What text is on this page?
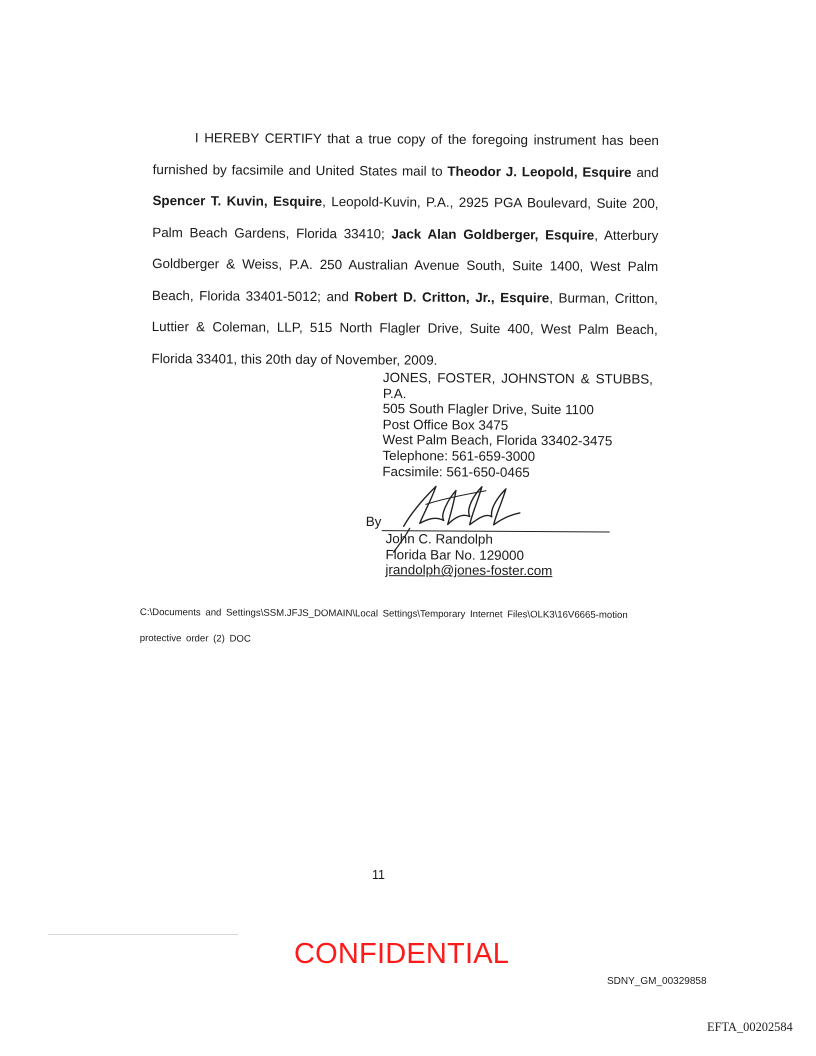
I HEREBY CERTIFY that a true copy of the foregoing instrument has been furnished by facsimile and United States mail to Theodor J. Leopold, Esquire and Spencer T. Kuvin, Esquire, Leopold-Kuvin, P.A., 2925 PGA Boulevard, Suite 200, Palm Beach Gardens, Florida 33410; Jack Alan Goldberger, Esquire, Atterbury Goldberger & Weiss, P.A. 250 Australian Avenue South, Suite 1400, West Palm Beach, Florida 33401-5012; and Robert D. Critton, Jr., Esquire, Burman, Critton, Luttier & Coleman, LLP, 515 North Flagler Drive, Suite 400, West Palm Beach, Florida 33401, this 20th day of November, 2009.

JONES, FOSTER, JOHNSTON & STUBBS,
P.A.
505 South Flagler Drive, Suite 1100
Post Office Box 3475
West Palm Beach, Florida 33402-3475
Telephone: 561-659-3000
Facsimile: 561-650-0465
By
John C. Randolph
Florida Bar No. 129000
jrandolph@jones-foster.com
C:\Documents and Settings\SSM.JFJS_DOMAIN\Local Settings\Temporary Internet Files\OLK3\16V6665-motion
protective order (2) DOC
11
CONFIDENTIAL
SDNY_GM_00329858
EFTA_00202584
